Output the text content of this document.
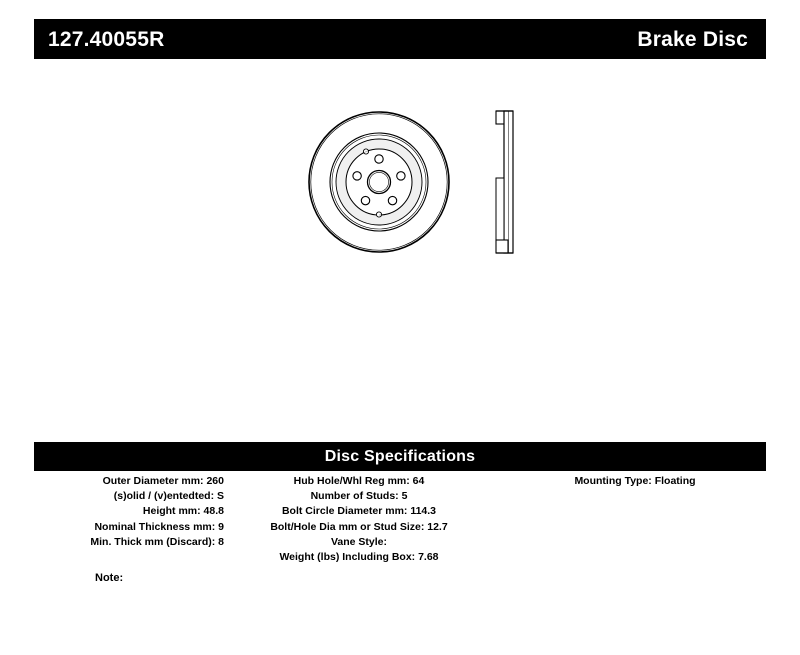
127.40055R	Brake Disc
Disc Specifications
Outer Diameter mm: 260
(s)olid / (v)entedted: S
Height mm: 48.8
Nominal Thickness mm: 9
Min. Thick mm (Discard): 8
Hub Hole/Whl Reg mm: 64
Number of Studs: 5
Bolt Circle Diameter mm: 114.3
Bolt/Hole Dia mm or Stud Size: 12.7
Vane Style:
Weight (lbs) Including Box: 7.68
Mounting Type: Floating
Note:
